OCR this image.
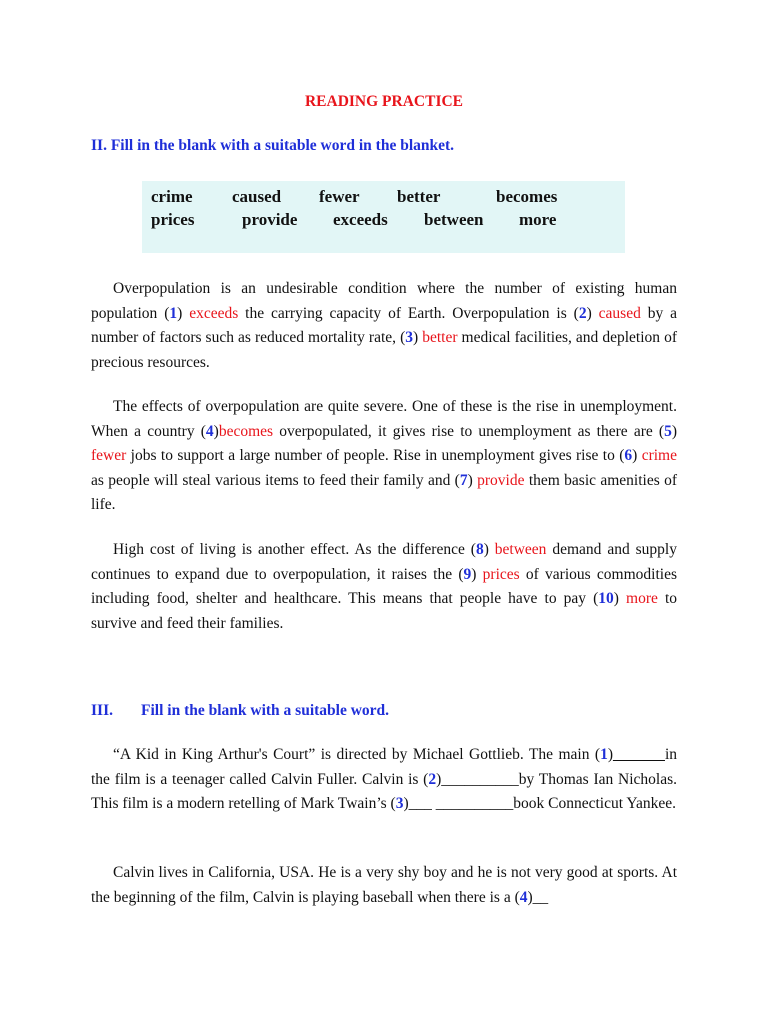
READING PRACTICE
II. Fill in the blank with a suitable word in the blanket.
crime caused fewer better	becomes
prices	provide exceeds between more

Overpopulation is an undesirable condition where the number of existing human population (1) exceeds the carrying capacity of Earth. Overpopulation is (2) caused by a number of factors such as reduced mortality rate, (3) better medical facilities, and depletion of precious resources.

The effects of overpopulation are quite severe. One of these is the rise in unemployment. When a country (4)becomes overpopulated, it gives rise to unemployment as there are (5) fewer jobs to support a large number of people. Rise in unemployment gives rise to (6) crime as people will steal various items to feed their family and (7) provide them basic amenities of life.

High cost of living is another effect. As the difference (8) between demand and supply continues to expand due to overpopulation, it raises the (9) prices of various commodities including food, shelter and healthcare. This means that people have to pay (10) more to survive and feed their families.

III. Fill in the blank with a suitable word.

“A Kid in King Arthur's Court” is directed by Michael Gottlieb. The main (1)___ ___in the film is a teenager called Calvin Fuller. Calvin is (2)__________by Thomas Ian Nicholas. This film is a modern retelling of Mark Twain’s (3)___ __________book Connecticut Yankee.

Calvin lives in California, USA. He is a very shy boy and he is not very good at sports. At the beginning of the film, Calvin is playing baseball when there is a (4)__
